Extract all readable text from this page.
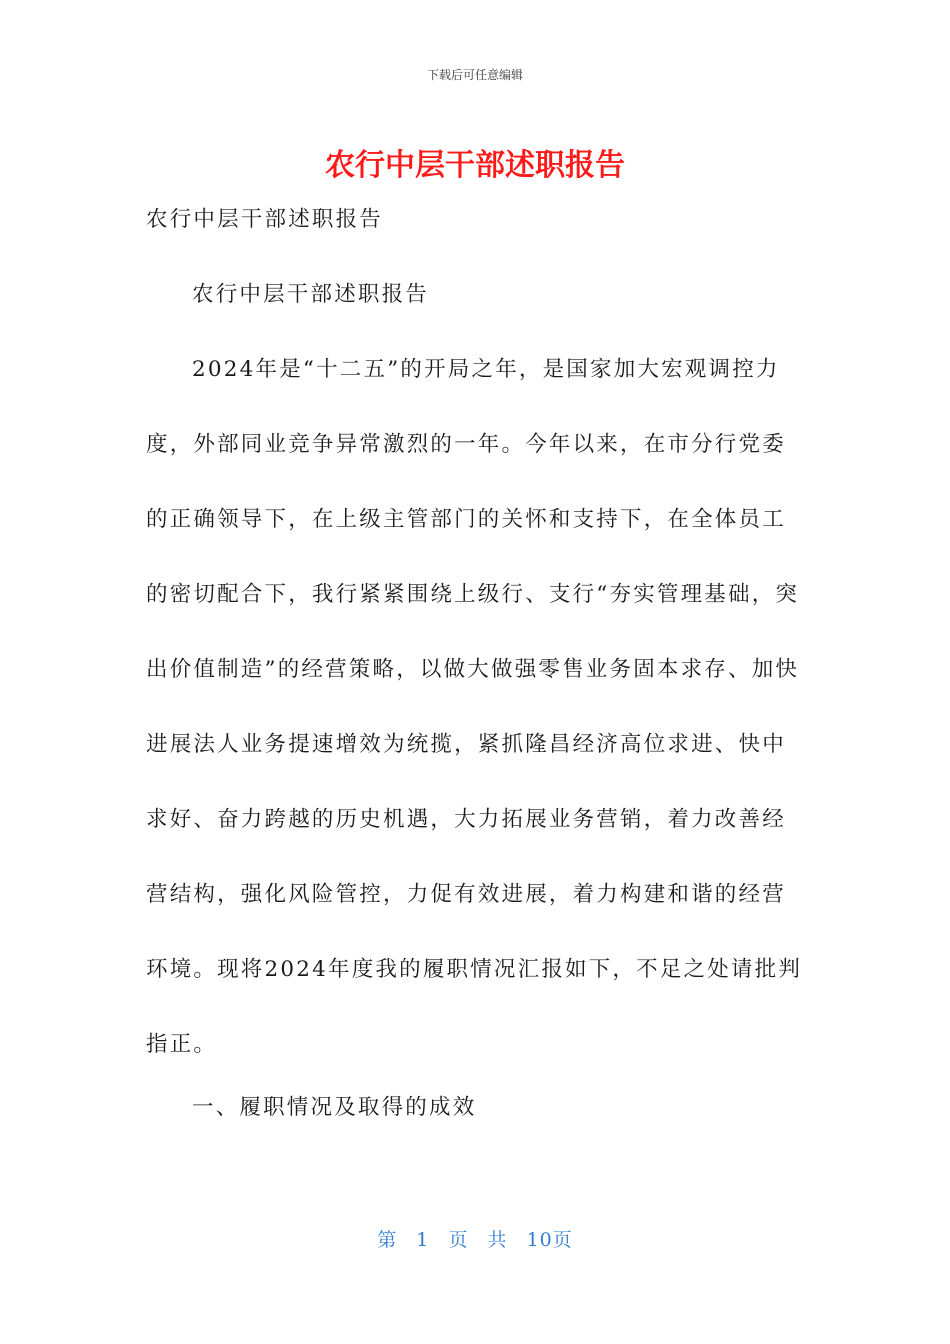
下载后可任意编辑
农行中层干部述职报告

农行中层干部述职报告

农行中层干部述职报告

2024年是“十二五”的开局之年，是国家加大宏观调控力度，外部同业竞争异常激烈的一年。今年以来，在市分行党委的正确领导下，在上级主管部门的关怀和支持下，在全体员工的密切配合下，我行紧紧围绕上级行、支行“夯实管理基础，突出价值制造”的经营策略，以做大做强零售业务固本求存、加快进展法人业务提速增效为统揽，紧抓隆昌经济高位求进、快中求好、奋力跨越的历史机遇，大力拓展业务营销，着力改善经营结构，强化风险管控，力促有效进展，着力构建和谐的经营环境。现将2024年度我的履职情况汇报如下，不足之处请批判指正。

一、履职情况及取得的成效

第 1 页 共 10页
